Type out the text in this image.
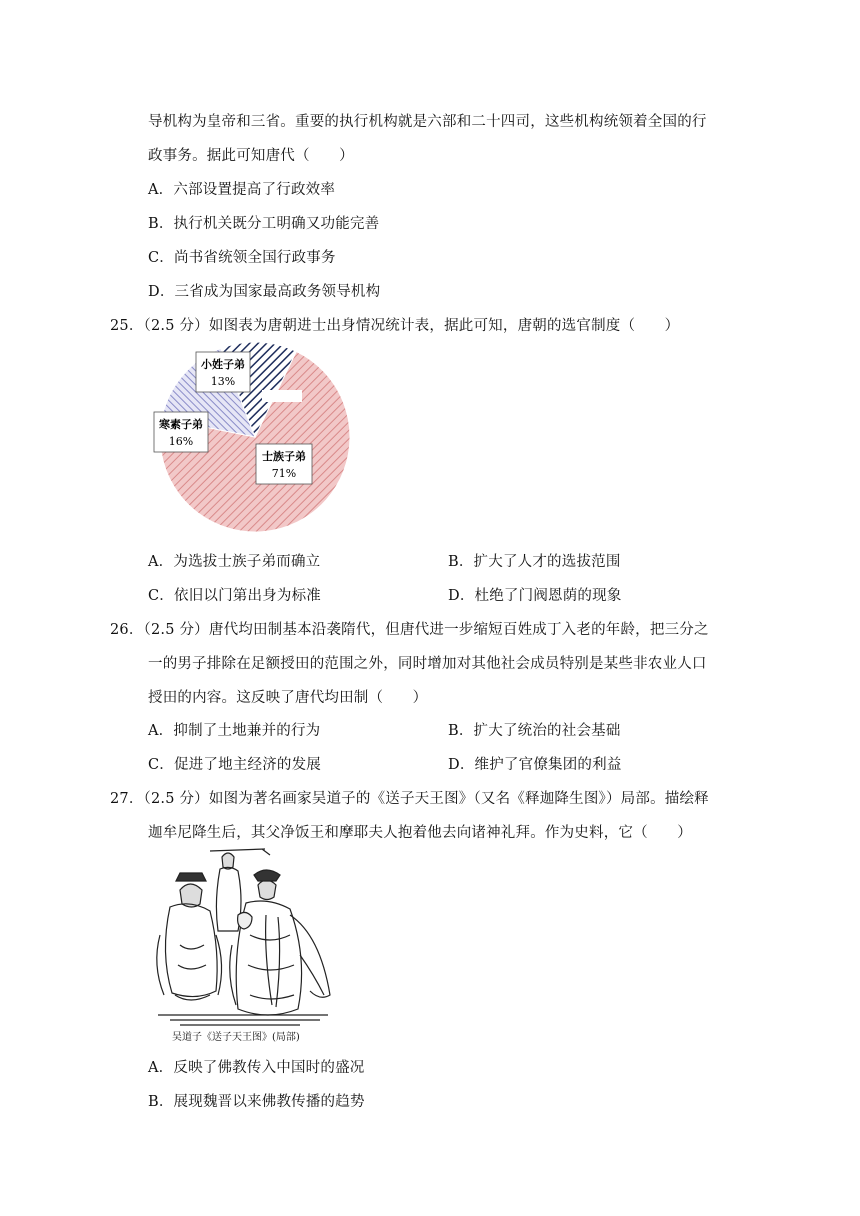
导机构为皇帝和三省。重要的执行机构就是六部和二十四司，这些机构统领着全国的行
政事务。据此可知唐代（　　）
A．六部设置提高了行政效率
B．执行机关既分工明确又功能完善
C．尚书省统领全国行政事务
D．三省成为国家最高政务领导机构
25．（2.5 分）如图表为唐朝进士出身情况统计表，据此可知，唐朝的选官制度（　　）
小姓子弟
13%
寒素子弟
16%
士族子弟
71%
A．为选拔士族子弟而确立	B．扩大了人才的选拔范围
C．依旧以门第出身为标准	D．杜绝了门阀恩荫的现象
26．（2.5 分）唐代均田制基本沿袭隋代，但唐代进一步缩短百姓成丁入老的年龄，把三分之
一的男子排除在足额授田的范围之外，同时增加对其他社会成员特别是某些非农业人口
授田的内容。这反映了唐代均田制（　　）
A．抑制了土地兼并的行为	B．扩大了统治的社会基础
C．促进了地主经济的发展	D．维护了官僚集团的利益
27．（2.5 分）如图为著名画家吴道子的《送子天王图》（又名《释迦降生图》）局部。描绘释
迦牟尼降生后，其父净饭王和摩耶夫人抱着他去向诸神礼拜。作为史料，它（　　）
吴道子《送子天王图》(局部)
A．反映了佛教传入中国时的盛况
B．展现魏晋以来佛教传播的趋势
